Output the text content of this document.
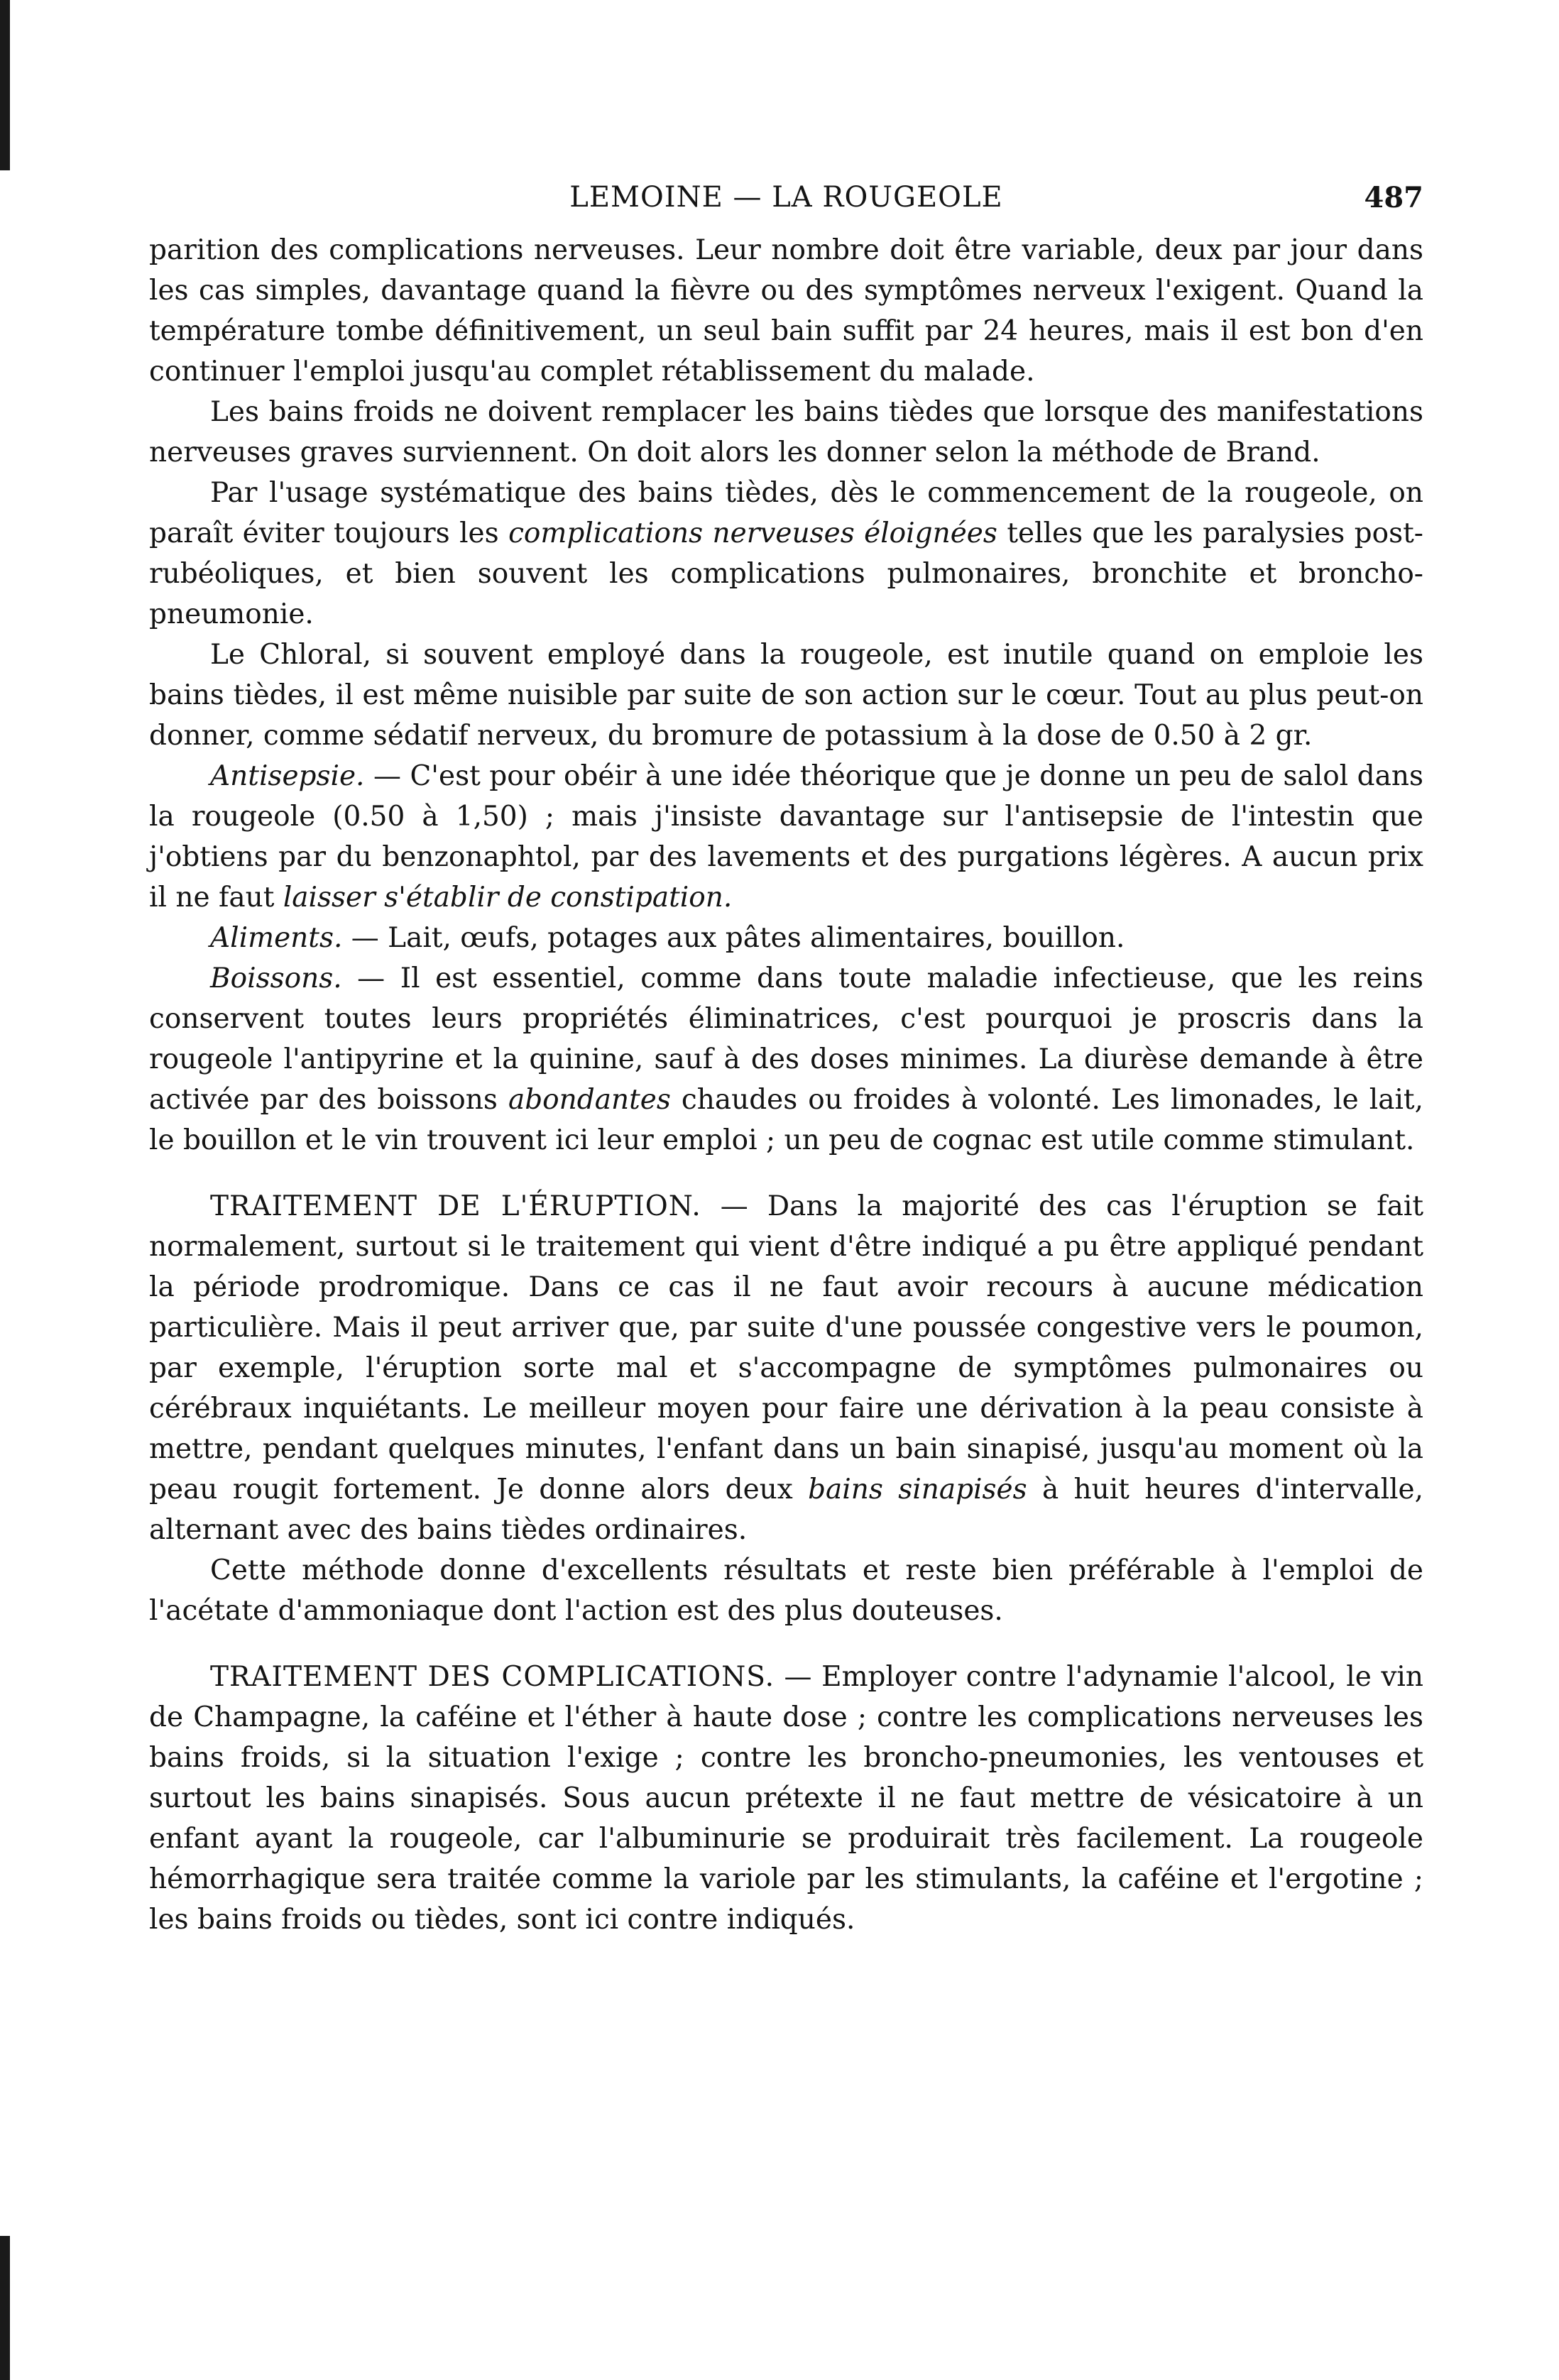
LEMOINE — LA ROUGEOLE	487

parition des complications nerveuses. Leur nombre doit être variable, deux par jour dans les cas simples, davantage quand la fièvre ou des symptômes nerveux l'exigent. Quand la température tombe définitivement, un seul bain suffit par 24 heures, mais il est bon d'en continuer l'emploi jusqu'au complet rétablissement du malade.

Les bains froids ne doivent remplacer les bains tièdes que lorsque des manifestations nerveuses graves surviennent. On doit alors les donner selon la méthode de Brand.

Par l'usage systématique des bains tièdes, dès le commencement de la rougeole, on paraît éviter toujours les complications nerveuses éloignées telles que les paralysies post-rubéoliques, et bien souvent les complications pulmonaires, bronchite et broncho-pneumonie.

Le Chloral, si souvent employé dans la rougeole, est inutile quand on emploie les bains tièdes, il est même nuisible par suite de son action sur le cœur. Tout au plus peut-on donner, comme sédatif nerveux, du bromure de potassium à la dose de 0.50 à 2 gr.

Antisepsie. — C'est pour obéir à une idée théorique que je donne un peu de salol dans la rougeole (0.50 à 1,50) ; mais j'insiste davantage sur l'antisepsie de l'intestin que j'obtiens par du benzonaphtol, par des lavements et des purgations légères. A aucun prix il ne faut laisser s'établir de constipation.

Aliments. — Lait, œufs, potages aux pâtes alimentaires, bouillon.

Boissons. — Il est essentiel, comme dans toute maladie infectieuse, que les reins conservent toutes leurs propriétés éliminatrices, c'est pourquoi je proscris dans la rougeole l'antipyrine et la quinine, sauf à des doses minimes. La diurèse demande à être activée par des boissons abondantes chaudes ou froides à volonté. Les limonades, le lait, le bouillon et le vin trouvent ici leur emploi ; un peu de cognac est utile comme stimulant.

TRAITEMENT DE L'ÉRUPTION. — Dans la majorité des cas l'éruption se fait normalement, surtout si le traitement qui vient d'être indiqué a pu être appliqué pendant la période prodromique. Dans ce cas il ne faut avoir recours à aucune médication particulière. Mais il peut arriver que, par suite d'une poussée congestive vers le poumon, par exemple, l'éruption sorte mal et s'accompagne de symptômes pulmonaires ou cérébraux inquiétants. Le meilleur moyen pour faire une dérivation à la peau consiste à mettre, pendant quelques minutes, l'enfant dans un bain sinapisé, jusqu'au moment où la peau rougit fortement. Je donne alors deux bains sinapisés à huit heures d'intervalle, alternant avec des bains tièdes ordinaires.

Cette méthode donne d'excellents résultats et reste bien préférable à l'emploi de l'acétate d'ammoniaque dont l'action est des plus douteuses.

TRAITEMENT DES COMPLICATIONS. — Employer contre l'adynamie l'alcool, le vin de Champagne, la caféine et l'éther à haute dose ; contre les complications nerveuses les bains froids, si la situation l'exige ; contre les broncho-pneumonies, les ventouses et surtout les bains sinapisés. Sous aucun prétexte il ne faut mettre de vésicatoire à un enfant ayant la rougeole, car l'albuminurie se produirait très facilement. La rougeole hémorrhagique sera traitée comme la variole par les stimulants, la caféine et l'ergotine ; les bains froids ou tièdes, sont ici contre indiqués.
